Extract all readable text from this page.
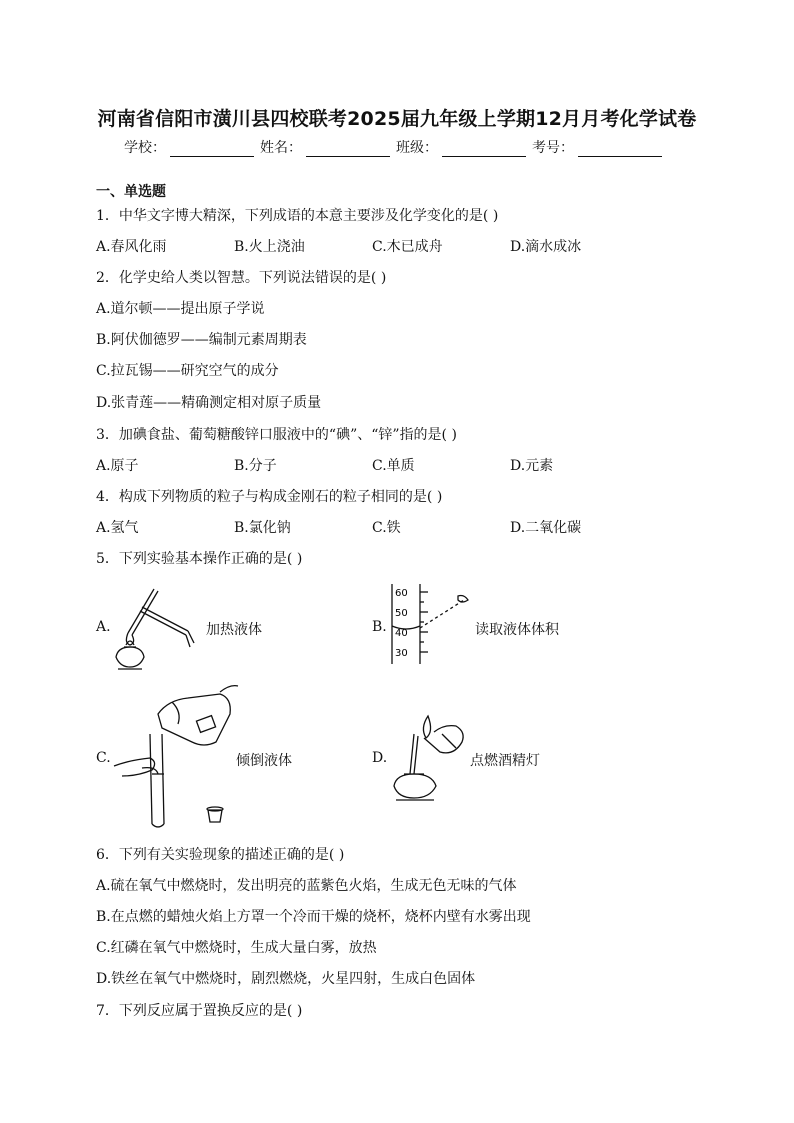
河南省信阳市潢川县四校联考2025届九年级上学期12月月考化学试卷
学校：	姓名：	班级：	考号：
一、单选题
1．中华文字博大精深，下列成语的本意主要涉及化学变化的是( )
A.春风化雨	B.火上浇油	C.木已成舟	D.滴水成冰
2．化学史给人类以智慧。下列说法错误的是( )
A.道尔顿——提出原子学说
B.阿伏伽德罗——编制元素周期表
C.拉瓦锡——研究空气的成分
D.张青莲——精确测定相对原子质量
3．加碘食盐、葡萄糖酸锌口服液中的“碘”、“锌”指的是( )
A.原子	B.分子	C.单质	D.元素
4．构成下列物质的粒子与构成金刚石的粒子相同的是( )
A.氢气	B.氯化钠	C.铁	D.二氧化碳
5．下列实验基本操作正确的是( )
A.	加热液体	B.
60
50
40
30
读取液体体积
C.	倾倒液体	D.	点燃酒精灯
6．下列有关实验现象的描述正确的是( )
A.硫在氧气中燃烧时，发出明亮的蓝紫色火焰，生成无色无味的气体
B.在点燃的蜡烛火焰上方罩一个冷而干燥的烧杯，烧杯内壁有水雾出现
C.红磷在氧气中燃烧时，生成大量白雾，放热
D.铁丝在氧气中燃烧时，剧烈燃烧，火星四射，生成白色固体
7．下列反应属于置换反应的是( )
